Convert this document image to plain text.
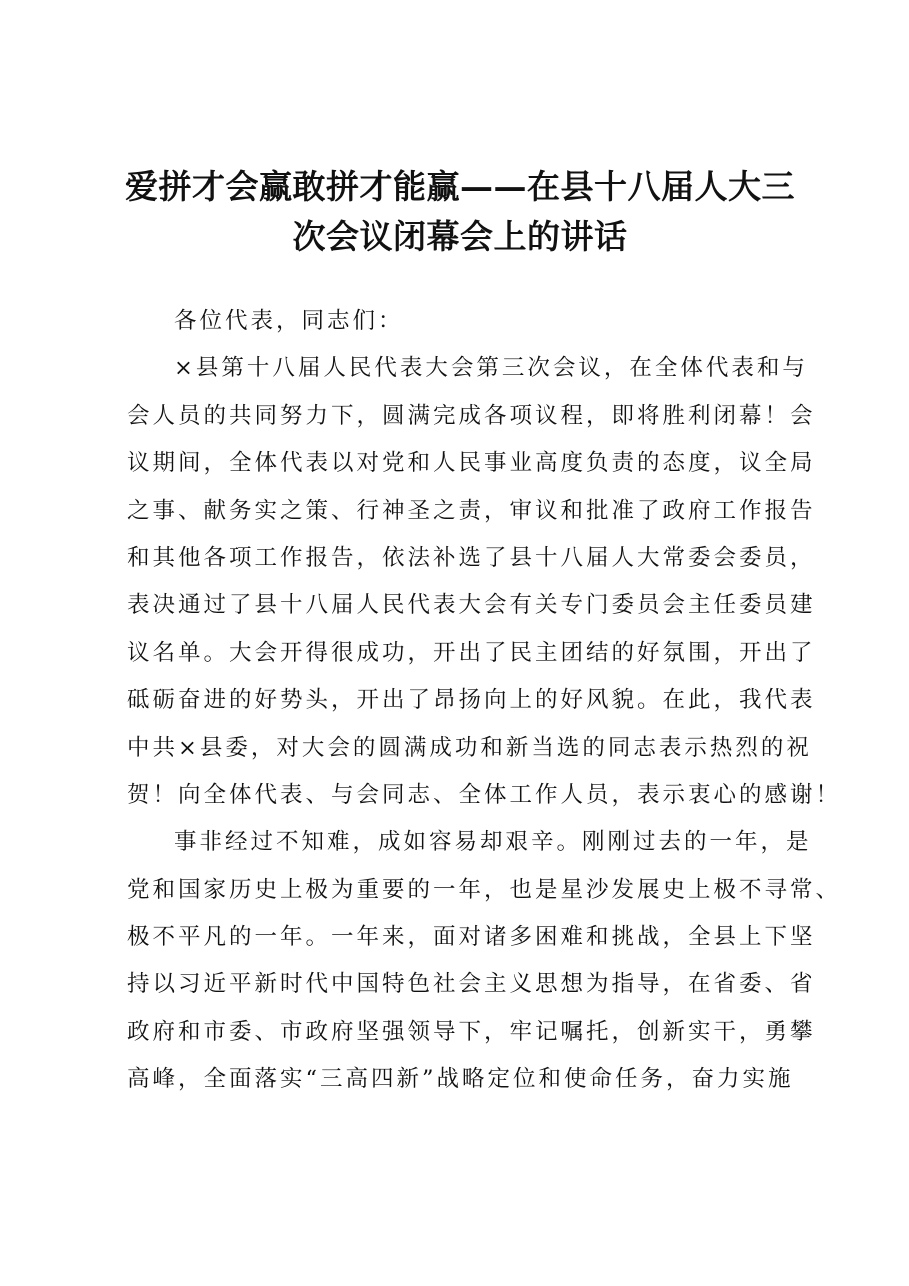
爱拼才会赢敢拼才能赢——在县十八届人大三
次会议闭幕会上的讲话
各位代表，同志们：
×县第十八届人民代表大会第三次会议，在全体代表和与
会人员的共同努力下，圆满完成各项议程，即将胜利闭幕！会
议期间，全体代表以对党和人民事业高度负责的态度，议全局
之事、献务实之策、行神圣之责，审议和批准了政府工作报告
和其他各项工作报告，依法补选了县十八届人大常委会委员，
表决通过了县十八届人民代表大会有关专门委员会主任委员建
议名单。大会开得很成功，开出了民主团结的好氛围，开出了
砥砺奋进的好势头，开出了昂扬向上的好风貌。在此，我代表
中共×县委，对大会的圆满成功和新当选的同志表示热烈的祝
贺！向全体代表、与会同志、全体工作人员，表示衷心的感谢！
事非经过不知难，成如容易却艰辛。刚刚过去的一年，是
党和国家历史上极为重要的一年，也是星沙发展史上极不寻常、
极不平凡的一年。一年来，面对诸多困难和挑战，全县上下坚
持以习近平新时代中国特色社会主义思想为指导，在省委、省
政府和市委、市政府坚强领导下，牢记嘱托，创新实干，勇攀
高峰，全面落实“三高四新”战略定位和使命任务，奋力实施
